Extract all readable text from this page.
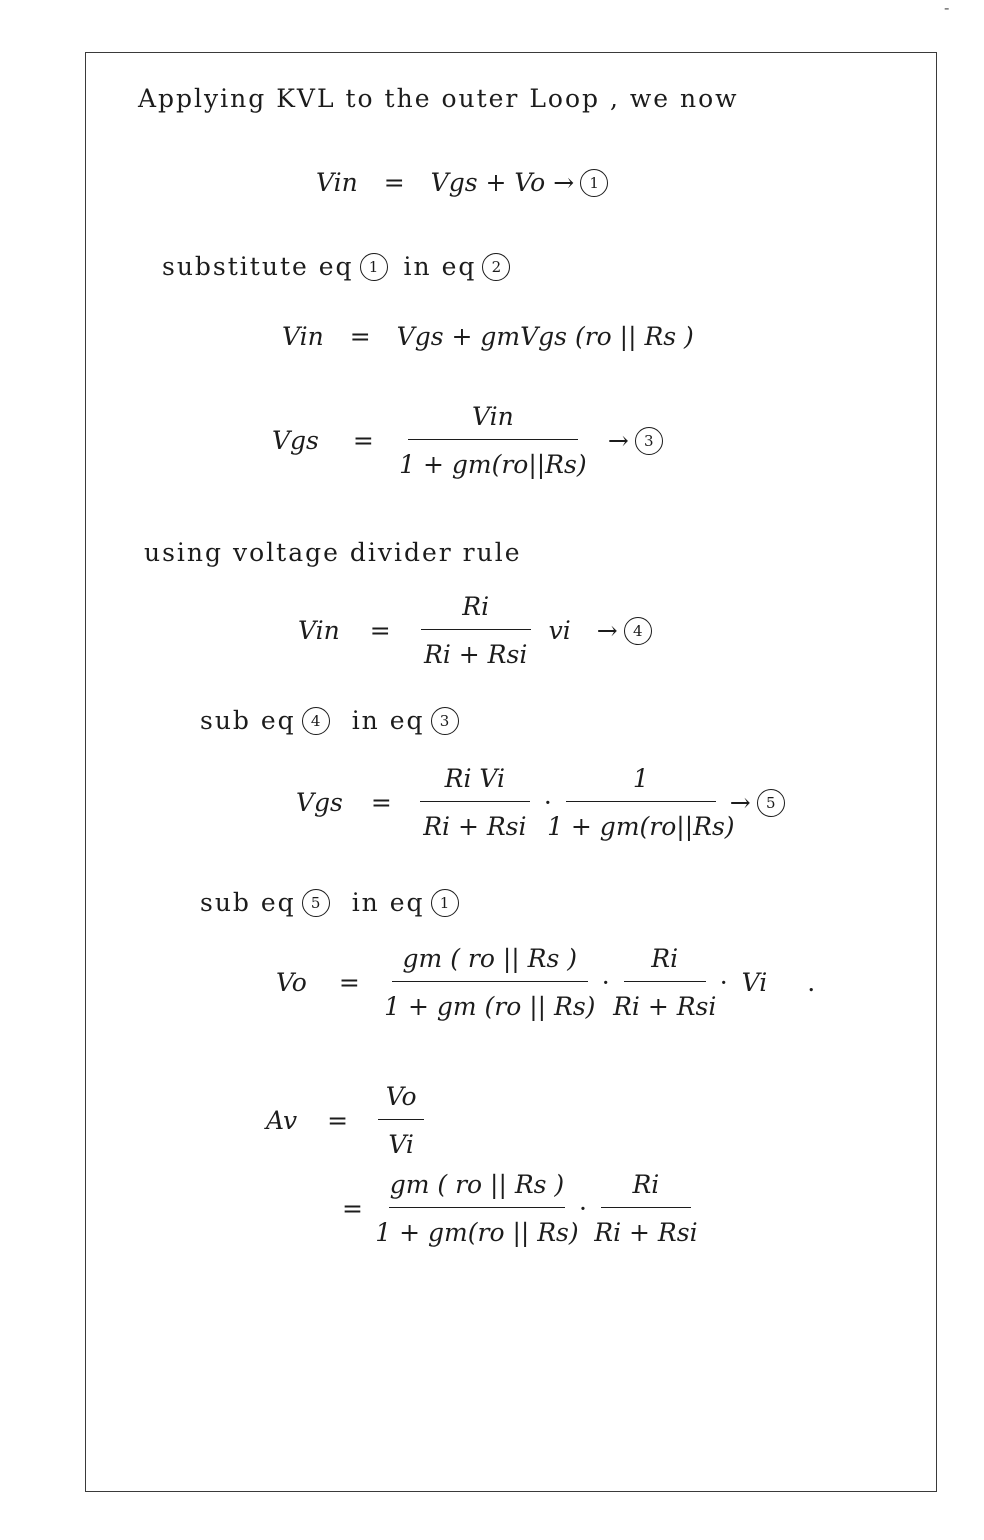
-
Applying KVL to the outer Loop , we now
Vin = Vgs + Vo →	1
substitute eq	1	in eq	2
Vin = Vgs + gmVgs (ro || Rs )
Vgs = $\frac{\text{Vin}}{1 + gm(ro||Rs)}$	→	3
using voltage divider rule
Vin = $\frac{Ri}{\text{Ri + Rsi}}$ vi →	4
sub eq	4	in eq	3
Vgs = $\frac{\text{Ri Vi}}{\text{Ri + Rsi}} \cdot \frac{1}{1 + gm(ro||Rs)}$ →	5
sub eq	5	in eq	1
$Vo = \frac{gm ( ro || Rs )}{1 + gm (ro || Rs)} \cdot \frac{Ri}{\text{Ri + Rsi}} \cdot Vi$ .
$Av = \frac{Vo}{Vi}$
=	$\frac{gm ( ro || Rs )}{1 + gm(ro || Rs)} \cdot \frac{Ri}{\text{Ri + Rsi}}$
